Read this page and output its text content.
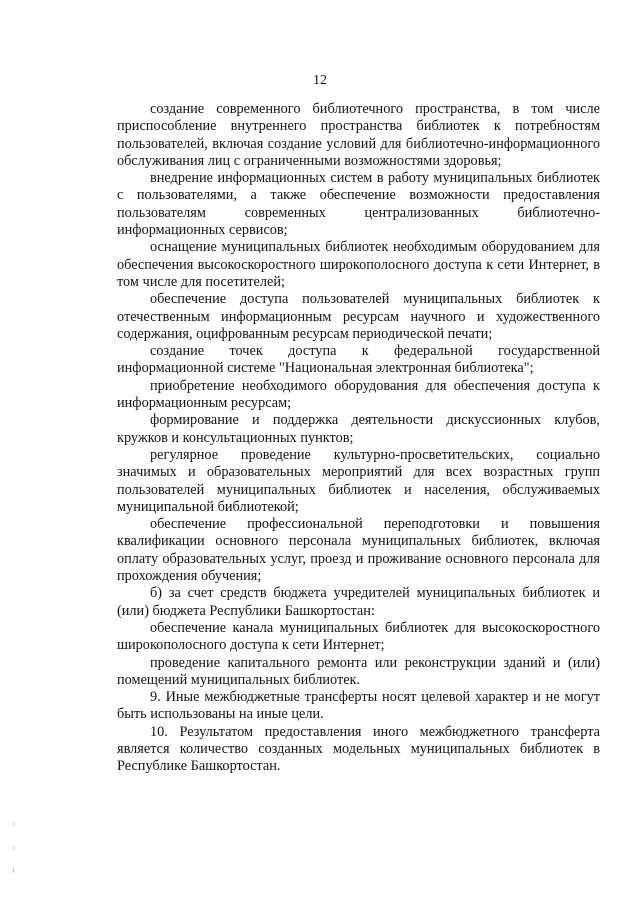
12

создание современного библиотечного пространства, в том числе приспособление внутреннего пространства библиотек к потребностям пользователей, включая создание условий для библиотечно-информационного обслуживания лиц с ограниченными возможностями здоровья;

внедрение информационных систем в работу муниципальных библиотек с пользователями, а также обеспечение возможности предоставления пользователям современных централизованных библиотечно-информационных сервисов;

оснащение муниципальных библиотек необходимым оборудованием для обеспечения высокоскоростного широкополосного доступа к сети Интернет, в том числе для посетителей;

обеспечение доступа пользователей муниципальных библиотек к отечественным информационным ресурсам научного и художественного содержания, оцифрованным ресурсам периодической печати;

создание точек доступа к федеральной государственной информационной системе "Национальная электронная библиотека";

приобретение необходимого оборудования для обеспечения доступа к информационным ресурсам;

формирование и поддержка деятельности дискуссионных клубов, кружков и консультационных пунктов;

регулярное проведение культурно-просветительских, социально значимых и образовательных мероприятий для всех возрастных групп пользователей муниципальных библиотек и населения, обслуживаемых муниципальной библиотекой;

обеспечение профессиональной переподготовки и повышения квалификации основного персонала муниципальных библиотек, включая оплату образовательных услуг, проезд и проживание основного персонала для прохождения обучения;

б) за счет средств бюджета учредителей муниципальных библиотек и (или) бюджета Республики Башкортостан:

обеспечение канала муниципальных библиотек для высокоскоростного широкополосного доступа к сети Интернет;

проведение капитального ремонта или реконструкции зданий и (или) помещений муниципальных библиотек.

9. Иные межбюджетные трансферты носят целевой характер и не могут быть использованы на иные цели.

10. Результатом предоставления иного межбюджетного трансферта является количество созданных модельных муниципальных библиотек в Республике Башкортостан.
